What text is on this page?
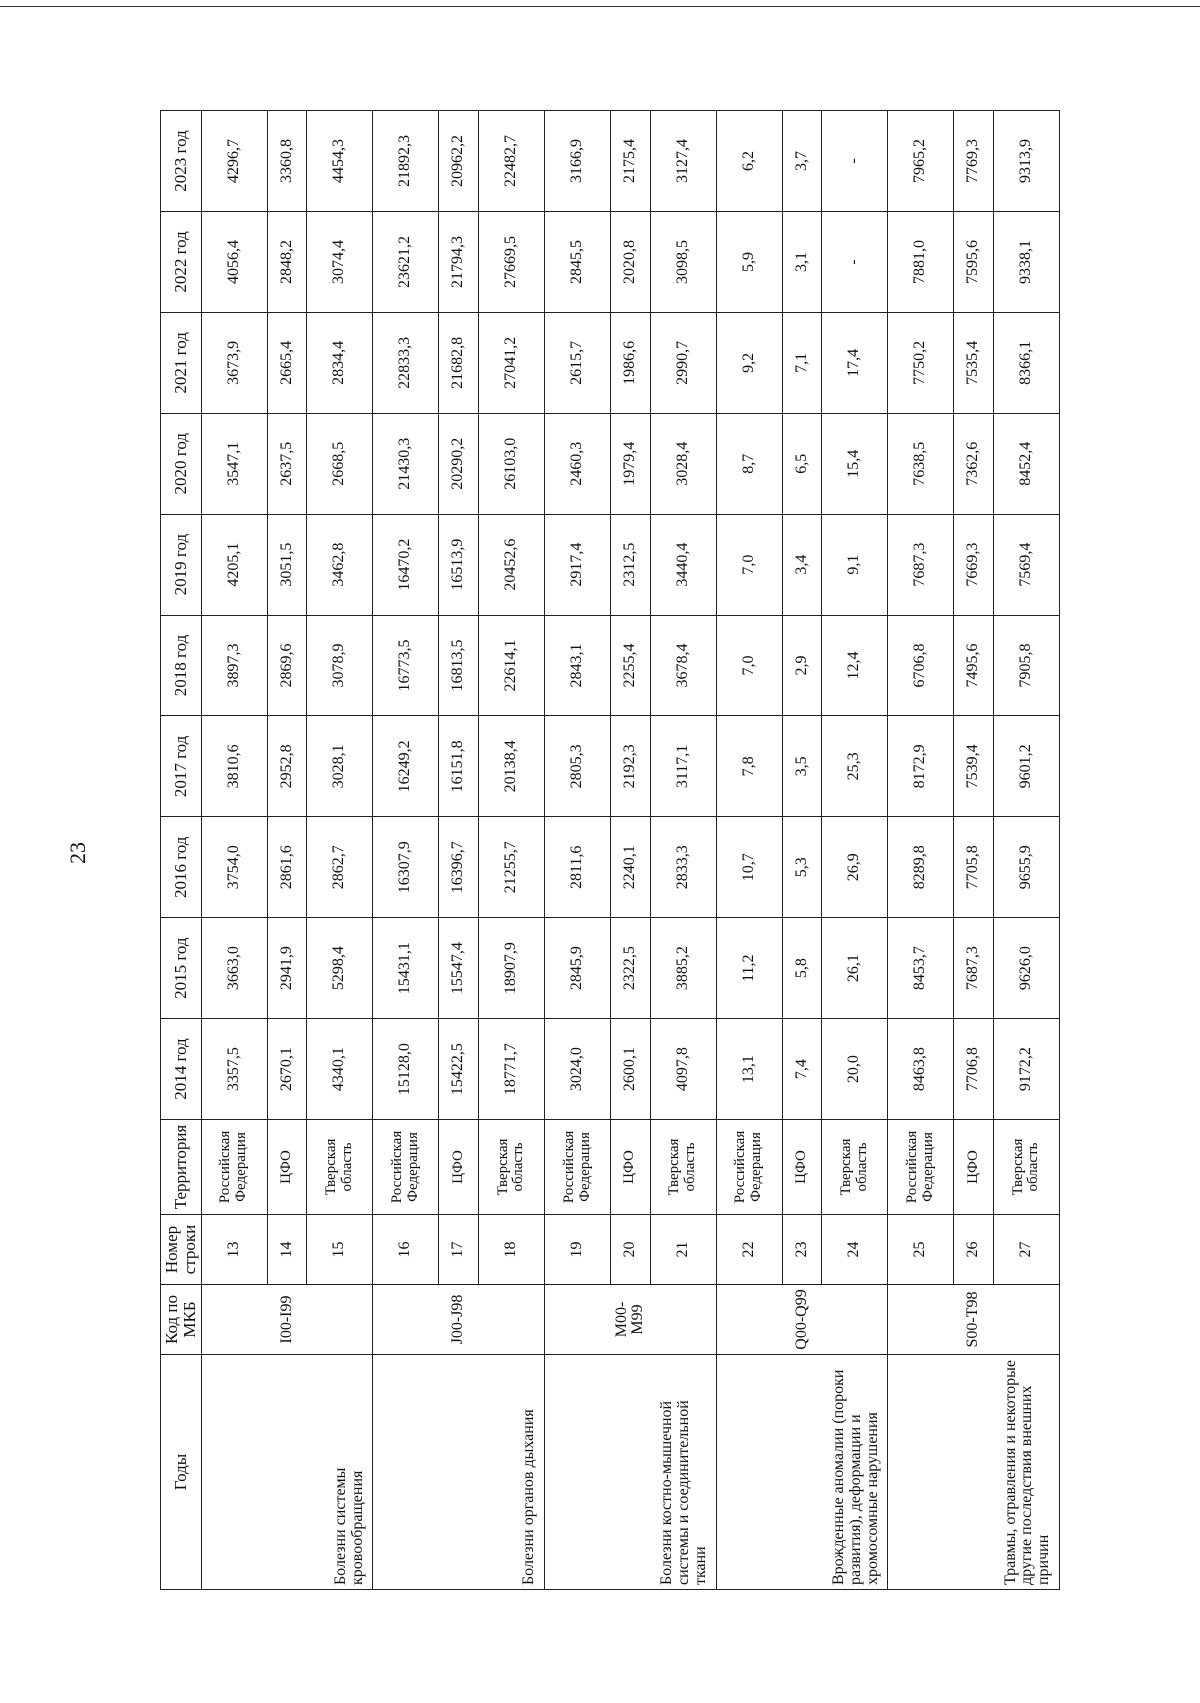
23
Годы	Код по МКБ	Номер строки	Территория	2014 год	2015 год	2016 год	2017 год	2018 год	2019 год	2020 год	2021 год	2022 год	2023 год
Болезни системы кровообращения	I00-I99	13	Российская Федерация	3357,5	3663,0	3754,0	3810,6	3897,3	4205,1	3547,1	3673,9	4056,4	4296,7
		14	ЦФО	2670,1	2941,9	2861,6	2952,8	2869,6	3051,5	2637,5	2665,4	2848,2	3360,8
		15	Тверская область	4340,1	5298,4	2862,7	3028,1	3078,9	3462,8	2668,5	2834,4	3074,4	4454,3
Болезни органов дыхания	J00-J98	16	Российская Федерация	15128,0	15431,1	16307,9	16249,2	16773,5	16470,2	21430,3	22833,3	23621,2	21892,3
		17	ЦФО	15422,5	15547,4	16396,7	16151,8	16813,5	16513,9	20290,2	21682,8	21794,3	20962,2
		18	Тверская область	18771,7	18907,9	21255,7	20138,4	22614,1	20452,6	26103,0	27041,2	27669,5	22482,7
Болезни костно-мышечной системы и соединительной ткани	M00-M99	19	Российская Федерация	3024,0	2845,9	2811,6	2805,3	2843,1	2917,4	2460,3	2615,7	2845,5	3166,9
		20	ЦФО	2600,1	2322,5	2240,1	2192,3	2255,4	2312,5	1979,4	1986,6	2020,8	2175,4
		21	Тверская область	4097,8	3885,2	2833,3	3117,1	3678,4	3440,4	3028,4	2990,7	3098,5	3127,4
Врожденные аномалии (пороки развития), деформации и хромосомные нарушения	Q00-Q99	22	Российская Федерация	13,1	11,2	10,7	7,8	7,0	7,0	8,7	9,2	5,9	6,2
		23	ЦФО	7,4	5,8	5,3	3,5	2,9	3,4	6,5	7,1	3,1	3,7
		24	Тверская область	20,0	26,1	26,9	25,3	12,4	9,1	15,4	17,4	-	-
Травмы, отравления и некоторые другие последствия внешних причин	S00-T98	25	Российская Федерация	8463,8	8453,7	8289,8	8172,9	6706,8	7687,3	7638,5	7750,2	7881,0	7965,2
		26	ЦФО	7706,8	7687,3	7705,8	7539,4	7495,6	7669,3	7362,6	7535,4	7595,6	7769,3
		27	Тверская область	9172,2	9626,0	9655,9	9601,2	7905,8	7569,4	8452,4	8366,1	9338,1	9313,9
